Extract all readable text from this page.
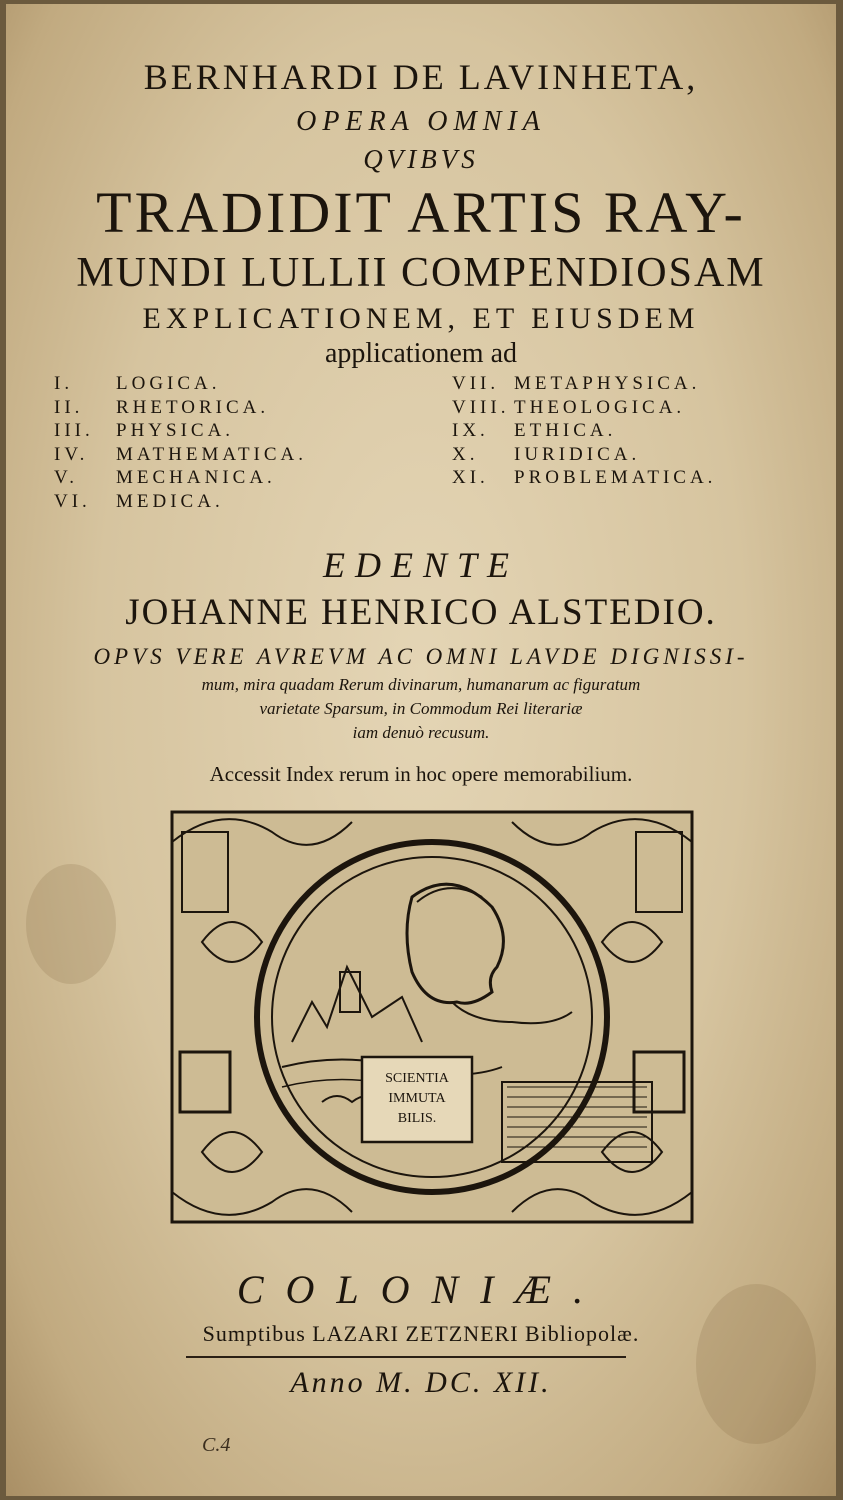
BERNHARDI DE LAVINHETA,
OPERA OMNIA
QVIBVS
TRADIDIT ARTIS RAY-
MUNDI LULLII COMPENDIOSAM
EXPLICATIONEM, ET EIUSDEM
applicationem ad
I. LOGICA.
II. RHETORICA.
III. PHYSICA.
IV. MATHEMATICA.
V. MECHANICA.
VI. MEDICA.
VII. METAPHYSICA.
VIII. THEOLOGICA.
IX. ETHICA.
X. IURIDICA.
XI. PROBLEMATICA.
EDENTE
JOHANNE HENRICO ALSTEDIO.
OPVS VERE AVREVM AC OMNI LAVDE DIGNISSI-
mum, mira quadam Rerum divinarum, humanarum ac figuratum
varietate Sparsum, in Commodum Rei literariæ
iam denuò recusum.
Accessit Index rerum in hoc opere memorabilium.
SCIENTIA
IMMUTA
BILIS.
COLONIÆ.
Sumptibus LAZARI ZETZNERI Bibliopolæ.
Anno M. DC. XII.
C.4
